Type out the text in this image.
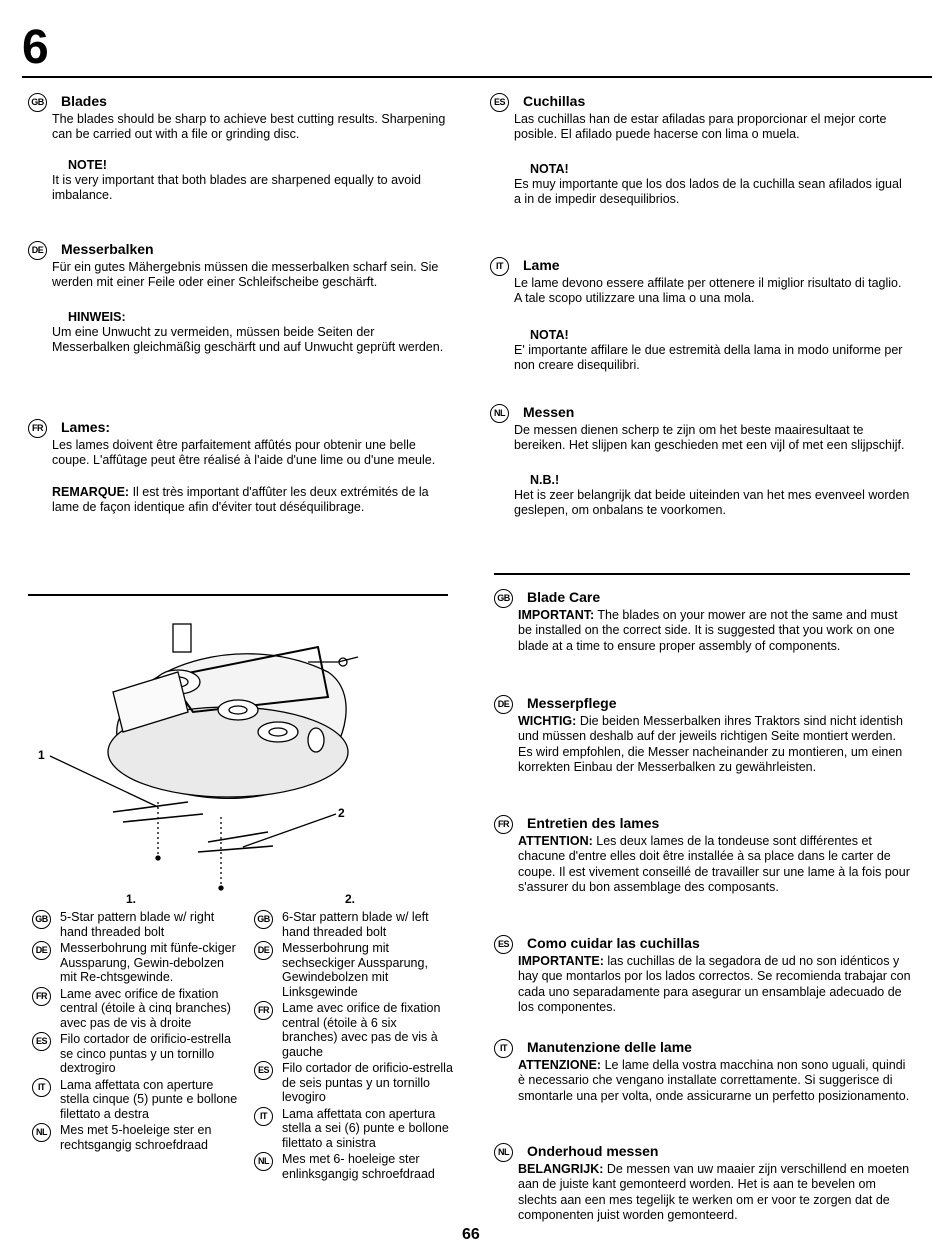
6
GB Blades
The blades should be sharp to achieve best cutting results. Sharpening can be carried out with a file or grinding disc.
NOTE!
It is very important that both blades are sharpened equally to avoid imbalance.
DE Messerbalken
Für ein gutes Mähergebnis müssen die messerbalken scharf sein. Sie werden mit einer Feile oder einer Schleifscheibe geschärft.
HINWEIS:
Um eine Unwucht zu vermeiden, müssen beide Seiten der Messerbalken gleichmäßig geschärft und auf Unwucht geprüft werden.
FR Lames:
Les lames doivent être parfaitement affûtés pour obtenir une belle coupe. L'affûtage peut être réalisé à l'aide d'une lime ou d'une meule.
REMARQUE: Il est très important d'affûter les deux extrémités de la lame de façon identique afin d'éviter tout déséquilibrage.
ES Cuchillas
Las cuchillas han de estar afiladas para proporcionar el mejor corte posible. El afilado puede hacerse con lima o muela.
NOTA!
Es muy importante que los dos lados de la cuchilla sean afilados igual a in de impedir desequilibrios.
IT Lame
Le lame devono essere affilate per ottenere il miglior risultato di taglio. A tale scopo utilizzare una lima o una mola.
NOTA!
E' importante affilare le due estremità della lama in modo uniforme per non creare disequilibri.
NL Messen
De messen dienen scherp te zijn om het beste maairesultaat te bereiken. Het slijpen kan geschieden met een vijl of met een slijpschijf.
N.B.!
Het is zeer belangrijk dat beide uiteinden van het mes evenveel worden geslepen, om onbalans te voorkomen.
1
2
1.	2.
GB 5-Star pattern blade w/ right hand threaded bolt
DE	Messerbohrung mit fünfe-ckiger Aussparung, Gewin-debolzen mit Re-chtsgewinde.
FR	Lame avec orifice de fixation central (étoile à cinq branches) avec pas de vis à droite
ES	Filo cortador de orificio-estrella se cinco puntas y un tornillo dextrogiro
IT	Lama affettata con aperture stella cinque (5) punte e bollone filettato a destra
NL	Mes met 5-hoeleige ster en rechtsgangig schroefdraad
GB 6-Star pattern blade w/ left hand threaded bolt
DE	Messerbohrung mit sechseckiger Aussparung, Gewindebolzen mit Linksgewinde
FR	Lame avec orifice de fixation central (étoile à 6 six branches) avec pas de vis à gauche
ES	Filo cortador de orificio-estrella de seis puntas y un tornillo levogiro
IT	Lama affettata con apertura stella a sei (6) punte e bollone filettato a sinistra
NL	Mes met 6- hoeleige ster enlinksgangig schroefdraad
GB Blade Care
IMPORTANT: The blades on your mower are not the same and must be installed on the correct side. It is suggested that you work on one blade at a time to ensure proper assembly of components.
DE Messerpflege
WICHTIG: Die beiden Messerbalken ihres Traktors sind nicht identish und müssen deshalb auf der jeweils richtigen Seite montiert werden. Es wird empfohlen, die Messer nacheinander zu montieren, um einen korrekten Einbau der Messerbalken zu gewährleisten.
FR Entretien des lames
ATTENTION: Les deux lames de la tondeuse sont différentes et chacune d'entre elles doit être installée à sa place dans le carter de coupe. Il est vivement conseillé de travailler sur une lame à la fois pour s'assurer du bon assemblage des composants.
ES Como cuidar las cuchillas
IMPORTANTE: las cuchillas de la segadora de ud no son idénticos y hay que montarlos por los lados correctos. Se recomienda trabajar con cada uno separadamente para asegurar un ensamblaje adecuado de los componentes.
IT Manutenzione delle lame
ATTENZIONE: Le lame della vostra macchina non sono uguali, quindi è necessario che vengano installate correttamente. Si suggerisce di smontarle una per volta, onde assicurarne un perfetto posizionamento.
NL Onderhoud messen
BELANGRIJK: De messen van uw maaier zijn verschillend en moeten aan de juiste kant gemonteerd worden. Het is aan te bevelen om slechts aan een mes tegelijk te werken om er voor te zorgen dat de componenten juist worden gemonteerd.
66
